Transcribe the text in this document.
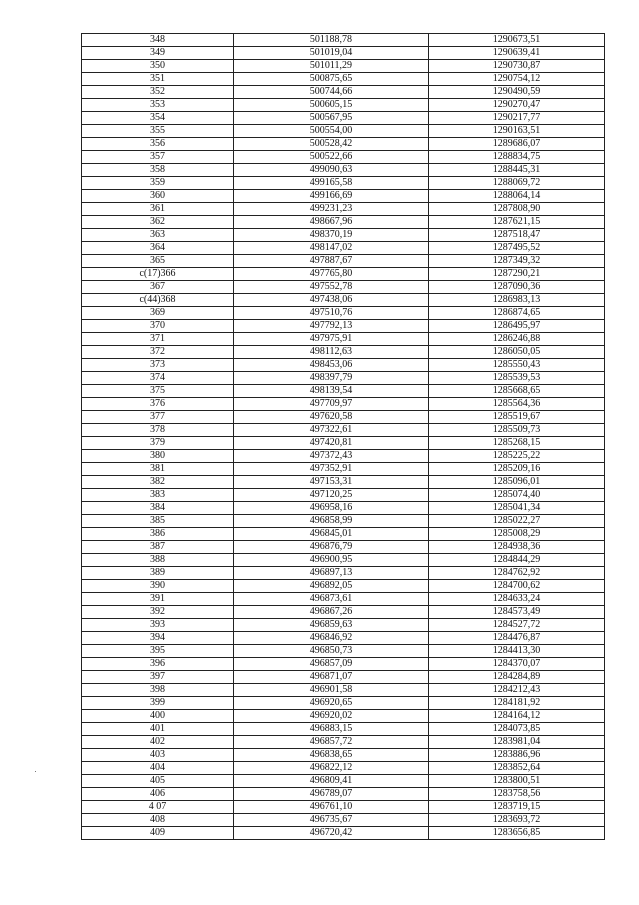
348	501188,78	1290673,51
349	501019,04	1290639,41
350	501011,29	1290730,87
351	500875,65	1290754,12
352	500744,66	1290490,59
353	500605,15	1290270,47
354	500567,95	1290217,77
355	500554,00	1290163,51
356	500528,42	1289686,07
357	500522,66	1288834,75
358	499090,63	1288445,31
359	499165,58	1288069,72
360	499166,69	1288064,14
361	499231,23	1287808,90
362	498667,96	1287621,15
363	498370,19	1287518,47
364	498147,02	1287495,52
365	497887,67	1287349,32
c(17)366	497765,80	1287290,21
367	497552,78	1287090,36
c(44)368	497438,06	1286983,13
369	497510,76	1286874,65
370	497792,13	1286495,97
371	497975,91	1286246,88
372	498112,63	1286050,05
373	498453,06	1285550,43
374	498397,79	1285539,53
375	498139,54	1285668,65
376	497709,97	1285564,36
377	497620,58	1285519,67
378	497322,61	1285509,73
379	497420,81	1285268,15
380	497372,43	1285225,22
381	497352,91	1285209,16
382	497153,31	1285096,01
383	497120,25	1285074,40
384	496958,16	1285041,34
385	496858,99	1285022,27
386	496845,01	1285008,29
387	496876,79	1284938,36
388	496900,95	1284844,29
389	496897,13	1284762,92
390	496892,05	1284700,62
391	496873,61	1284633,24
392	496867,26	1284573,49
393	496859,63	1284527,72
394	496846,92	1284476,87
395	496850,73	1284413,30
396	496857,09	1284370,07
397	496871,07	1284284,89
398	496901,58	1284212,43
399	496920,65	1284181,92
400	496920,02	1284164,12
401	496883,15	1284073,85
402	496857,72	1283981,04
403	496838,65	1283886,96
404	496822,12	1283852,64
405	496809,41	1283800,51
406	496789,07	1283758,56
4 07	496761,10	1283719,15
408	496735,67	1283693,72
409	496720,42	1283656,85
